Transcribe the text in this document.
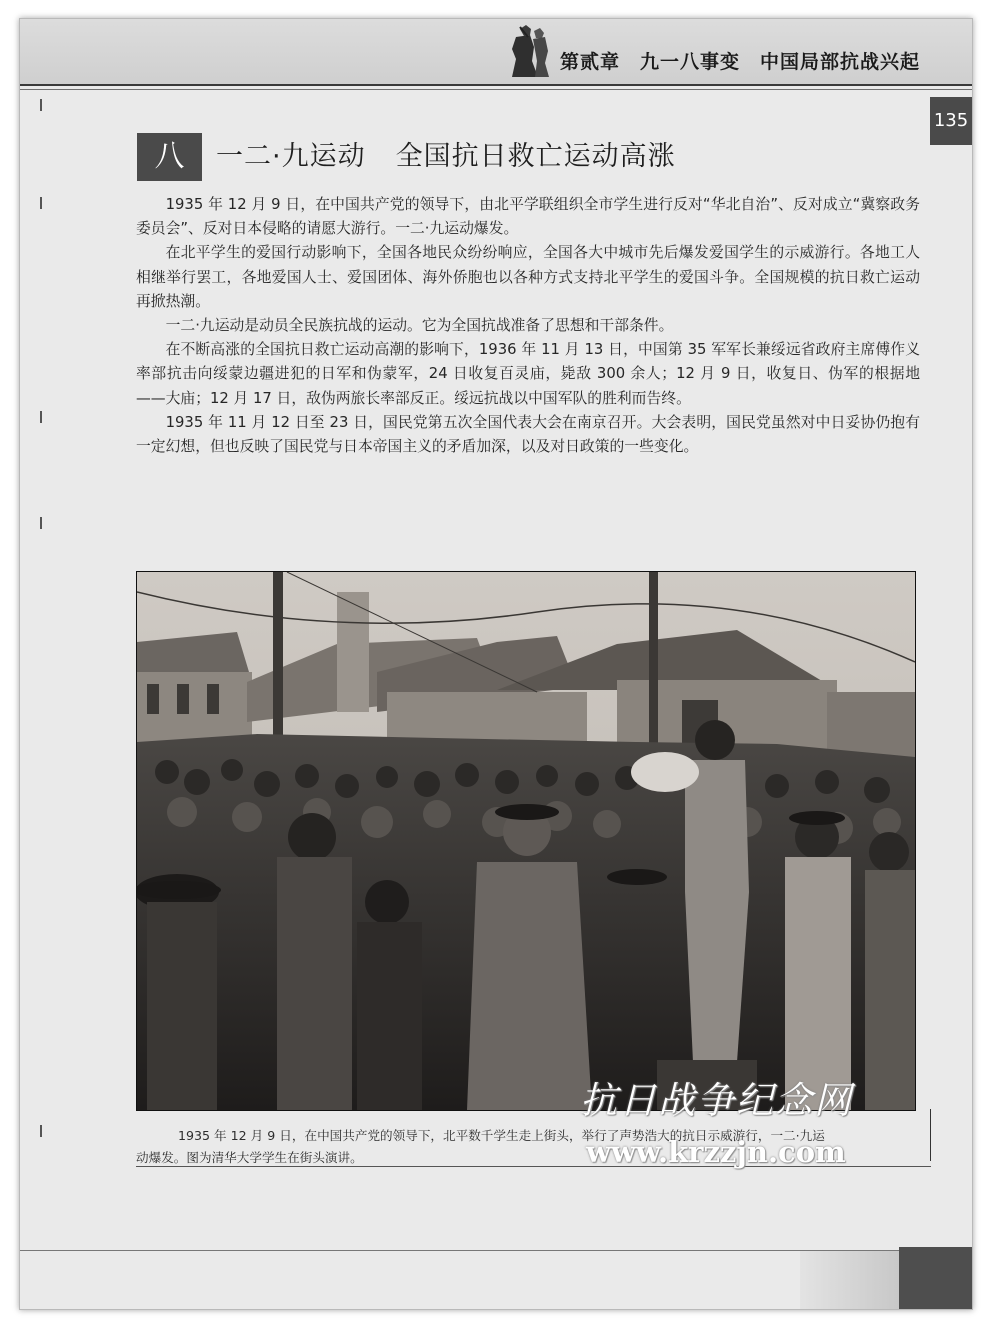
第贰章　九一八事变　中国局部抗战兴起
135
八	一二·九运动 全国抗日救亡运动高涨

1935 年 12 月 9 日，在中国共产党的领导下，由北平学联组织全市学生进行反对“华北自治”、反对成立“冀察政务委员会”、反对日本侵略的请愿大游行。一二·九运动爆发。

在北平学生的爱国行动影响下，全国各地民众纷纷响应，全国各大中城市先后爆发爱国学生的示威游行。各地工人相继举行罢工，各地爱国人士、爱国团体、海外侨胞也以各种方式支持北平学生的爱国斗争。全国规模的抗日救亡运动再掀热潮。

一二·九运动是动员全民族抗战的运动。它为全国抗战准备了思想和干部条件。

在不断高涨的全国抗日救亡运动高潮的影响下，1936 年 11 月 13 日，中国第 35 军军长兼绥远省政府主席傅作义率部抗击向绥蒙边疆进犯的日军和伪蒙军，24 日收复百灵庙，毙敌 300 余人；12 月 9 日，收复日、伪军的根据地——大庙；12 月 17 日，敌伪两旅长率部反正。绥远抗战以中国军队的胜利而告终。

1935 年 11 月 12 日至 23 日，国民党第五次全国代表大会在南京召开。大会表明，国民党虽然对中日妥协仍抱有一定幻想，但也反映了国民党与日本帝国主义的矛盾加深，以及对日政策的一些变化。

1935 年 12 月 9 日，在中国共产党的领导下，北平数千学生走上街头，举行了声势浩大的抗日示威游行，一二·九运
动爆发。图为清华大学学生在街头演讲。
抗日战争纪念网
www.krzzjn.com
